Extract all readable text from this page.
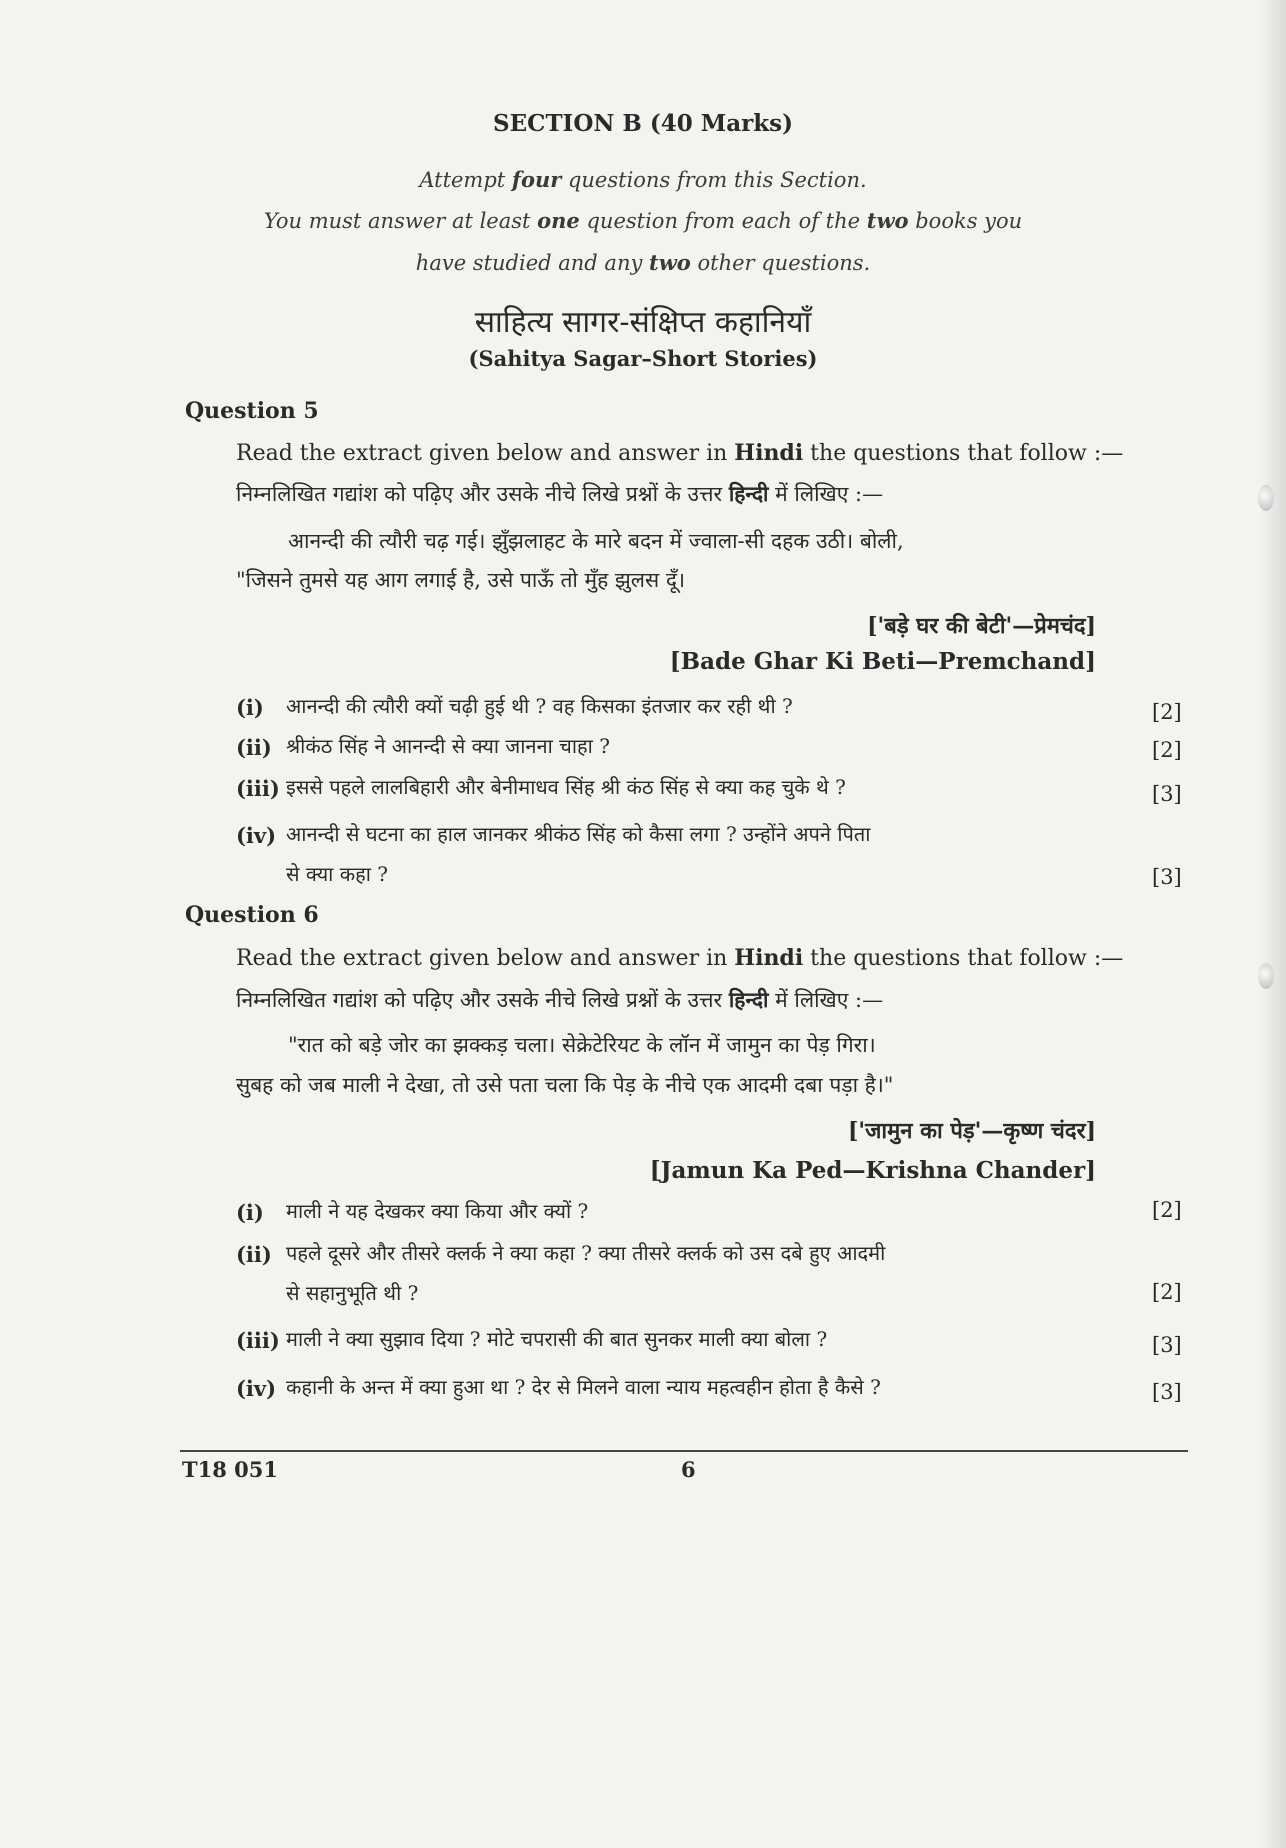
SECTION B (40 Marks)
Attempt four questions from this Section.
You must answer at least one question from each of the two books you
have studied and any two other questions.
साहित्य सागर-संक्षिप्त कहानियाँ
(Sahitya Sagar–Short Stories)
Question 5
Read the extract given below and answer in Hindi the questions that follow :—
निम्नलिखित गद्यांश को पढ़िए और उसके नीचे लिखे प्रश्नों के उत्तर हिन्दी में लिखिए :—
आनन्दी की त्यौरी चढ़ गई। झुँझलाहट के मारे बदन में ज्वाला-सी दहक उठी। बोली,
"जिसने तुमसे यह आग लगाई है, उसे पाऊँ तो मुँह झुलस दूँ।
['बड़े घर की बेटी'—प्रेमचंद]
[Bade Ghar Ki Beti—Premchand]
(i) आनन्दी की त्यौरी क्यों चढ़ी हुई थी ? वह किसका इंतजार कर रही थी ?	[2]
(ii) श्रीकंठ सिंह ने आनन्दी से क्या जानना चाहा ?	[2]
(iii) इससे पहले लालबिहारी और बेनीमाधव सिंह श्री कंठ सिंह से क्या कह चुके थे ?	[3]
(iv) आनन्दी से घटना का हाल जानकर श्रीकंठ सिंह को कैसा लगा ? उन्होंने अपने पिता
से क्या कहा ?	[3]
Question 6
Read the extract given below and answer in Hindi the questions that follow :—
निम्नलिखित गद्यांश को पढ़िए और उसके नीचे लिखे प्रश्नों के उत्तर हिन्दी में लिखिए :—
"रात को बड़े जोर का झक्कड़ चला। सेक्रेटेरियट के लॉन में जामुन का पेड़ गिरा।
सुबह को जब माली ने देखा, तो उसे पता चला कि पेड़ के नीचे एक आदमी दबा पड़ा है।"
['जामुन का पेड़'—कृष्ण चंदर]
[Jamun Ka Ped—Krishna Chander]
(i) माली ने यह देखकर क्या किया और क्यों ?	[2]
(ii) पहले दूसरे और तीसरे क्लर्क ने क्या कहा ? क्या तीसरे क्लर्क को उस दबे हुए आदमी
से सहानुभूति थी ?	[2]
(iii) माली ने क्या सुझाव दिया ? मोटे चपरासी की बात सुनकर माली क्या बोला ?	[3]
(iv) कहानी के अन्त में क्या हुआ था ? देर से मिलने वाला न्याय महत्वहीन होता है कैसे ?	[3]
T18 051	6
